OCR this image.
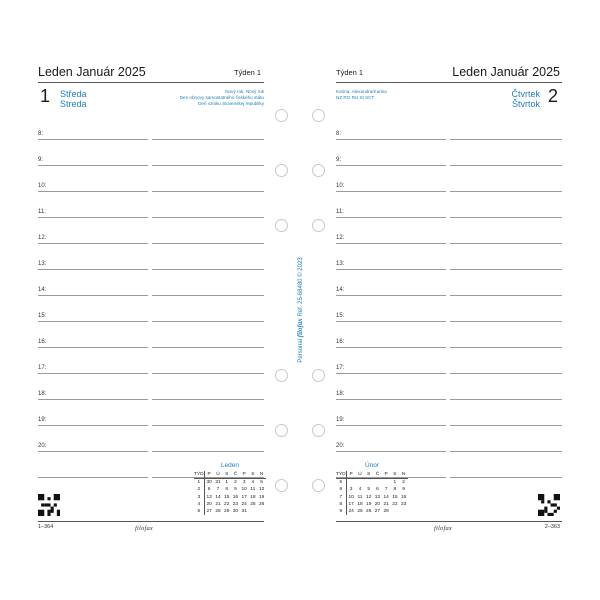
Leden Január 2025	Týden 1
1 Středa
Streda
Nový rok, Nový rok
Den obnovy samostatného českého státu
Deň vzniku Slovenskej republiky
8:
9:
10:
11:
12:
13:
14:
15:
16:
17:
18:
19:
20:
Leden
TÝD	P	Ú	S	Č	P	S	N
1	30	31	1	2	3	4	5
2	6	7	8	9	10	11	12
3	13	14	15	16	17	18	19
4	20	21	22	23	24	25	26
5	27	28	29	30	31		
1–364	filofax
Týden 1	Leden Január 2025
Karina, Alexandra/Karina
NZ RO RU SI SCT	Čtvrtek
Štvrtok 2
8:
9:
10:
11:
12:
13:
14:
15:
16:
17:
18:
19:
20:
Únor
TÝD	P	Ú	S	Č	P	S	N
5						1	2
6	3	4	5	6	7	8	9
7	10	11	12	13	14	15	16
8	17	18	19	20	21	22	23
9	24	25	26	27	28		
filofax	2–363
Personal filofax Ref. 25-68480 © 2023
